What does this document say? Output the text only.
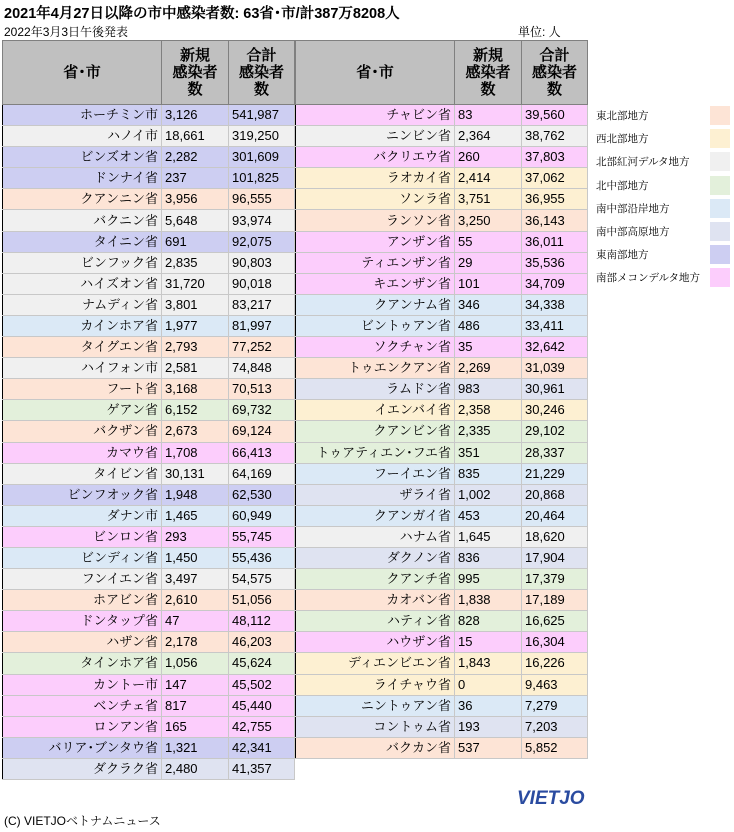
2021年4月27日以降の市中感染者数: 63省･市/計387万8208人
2022年3月3日午後発表	単位: 人
省･市	新規
感染者
数	合計
感染者
数
ホーチミン市	3,126	541,987
ハノイ市	18,661	319,250
ビンズオン省	2,282	301,609
ドンナイ省	237	101,825
クアンニン省	3,956	96,555
バクニン省	5,648	93,974
タイニン省	691	92,075
ビンフック省	2,835	90,803
ハイズオン省	31,720	90,018
ナムディン省	3,801	83,217
カインホア省	1,977	81,997
タイグエン省	2,793	77,252
ハイフォン市	2,581	74,848
フート省	3,168	70,513
ゲアン省	6,152	69,732
バクザン省	2,673	69,124
カマウ省	1,708	66,413
タイビン省	30,131	64,169
ビンフオック省	1,948	62,530
ダナン市	1,465	60,949
ビンロン省	293	55,745
ビンディン省	1,450	55,436
フンイエン省	3,497	54,575
ホアビン省	2,610	51,056
ドンタップ省	47	48,112
ハザン省	2,178	46,203
タインホア省	1,056	45,624
カントー市	147	45,502
ベンチェ省	817	45,440
ロンアン省	165	42,755
バリア･ブンタウ省	1,321	42,341
ダクラク省	2,480	41,357
省･市	新規
感染者
数	合計
感染者
数
チャビン省	83	39,560
ニンビン省	2,364	38,762
バクリエウ省	260	37,803
ラオカイ省	2,414	37,062
ソンラ省	3,751	36,955
ランソン省	3,250	36,143
アンザン省	55	36,011
ティエンザン省	29	35,536
キエンザン省	101	34,709
クアンナム省	346	34,338
ビントゥアン省	486	33,411
ソクチャン省	35	32,642
トゥエンクアン省	2,269	31,039
ラムドン省	983	30,961
イエンバイ省	2,358	30,246
クアンビン省	2,335	29,102
トゥアティエン･フエ省	351	28,337
フーイエン省	835	21,229
ザライ省	1,002	20,868
クアンガイ省	453	20,464
ハナム省	1,645	18,620
ダクノン省	836	17,904
クアンチ省	995	17,379
カオバン省	1,838	17,189
ハティン省	828	16,625
ハウザン省	15	16,304
ディエンビエン省	1,843	16,226
ライチャウ省	0	9,463
ニントゥアン省	36	7,279
コントゥム省	193	7,203
バクカン省	537	5,852
東北部地方
西北部地方
北部紅河デルタ地方
北中部地方
南中部沿岸地方
南中部高原地方
東南部地方
南部メコンデルタ地方
VIETJO
(C) VIETJOベトナムニュース
